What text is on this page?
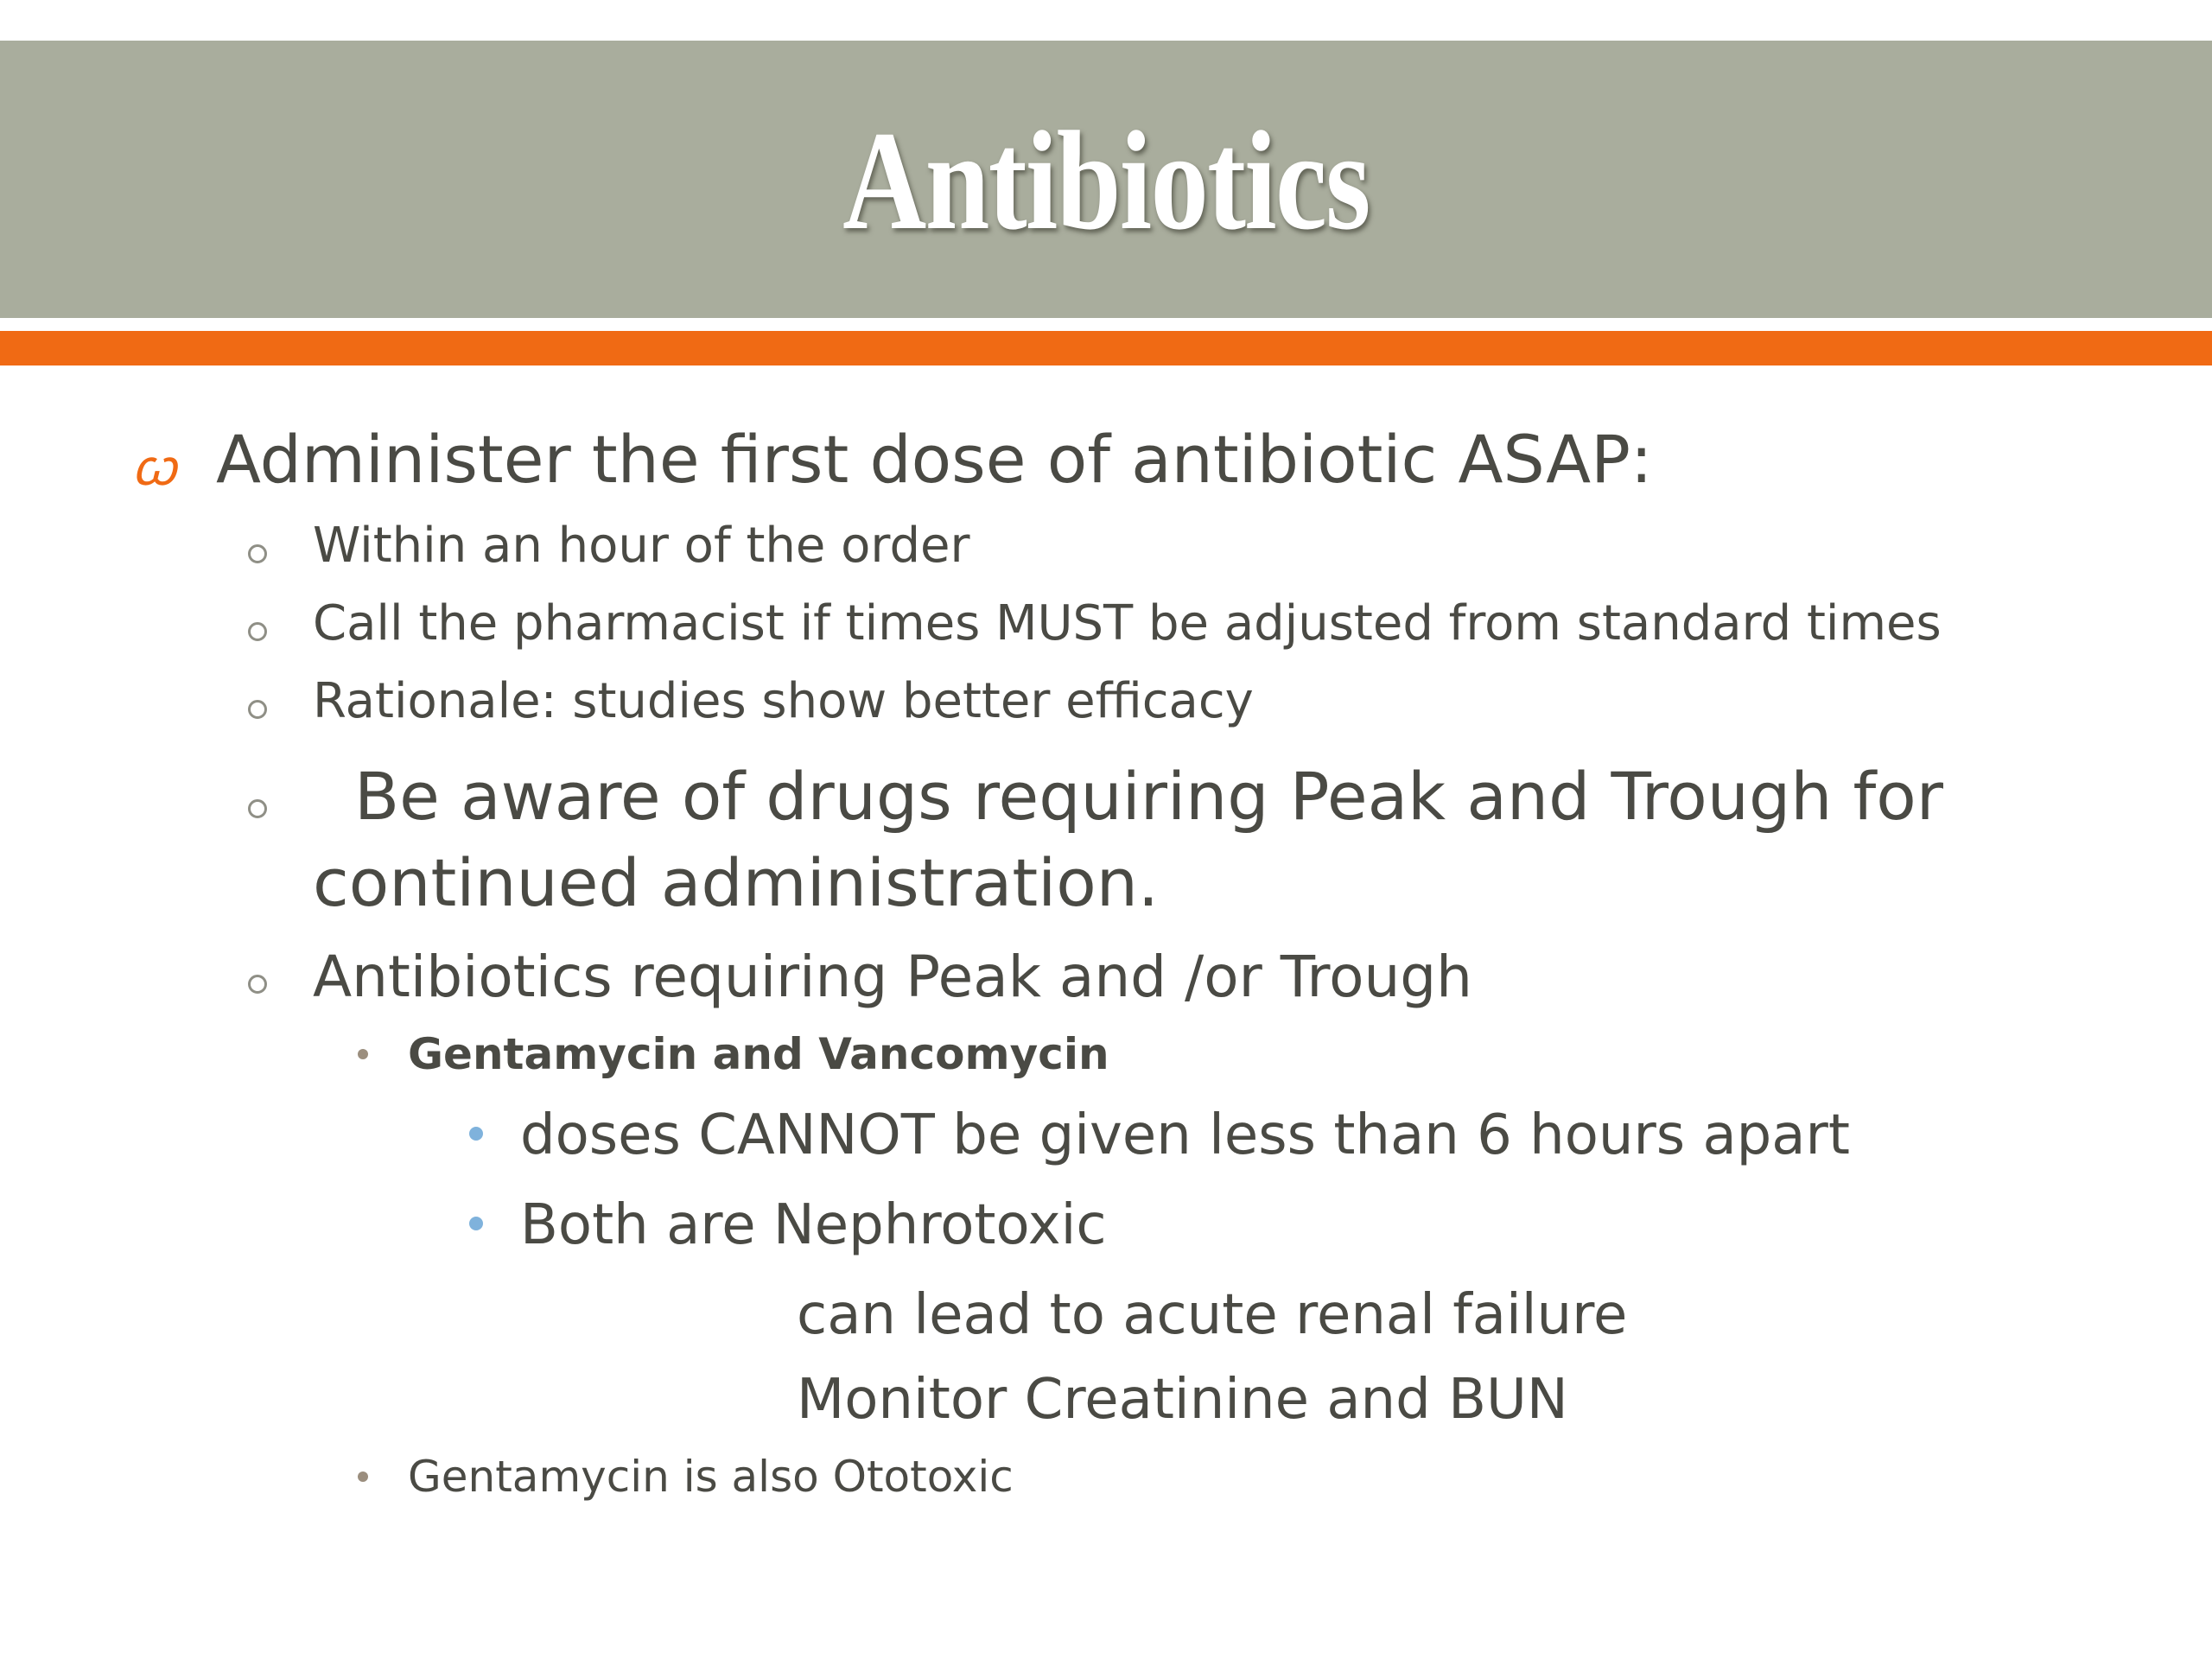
Antibiotics
ꞷ Administer the first dose of antibiotic ASAP:
Within an hour of the order
Call the pharmacist if times MUST be adjusted from standard times
Rationale: studies show better efficacy
Be aware of drugs requiring Peak and Trough for
continued administration.
Antibiotics requiring Peak and /or Trough
Gentamycin and Vancomycin
doses CANNOT be given less than 6 hours apart
Both are Nephrotoxic
can lead to acute renal failure
Monitor Creatinine and BUN
Gentamycin is also Ototoxic
